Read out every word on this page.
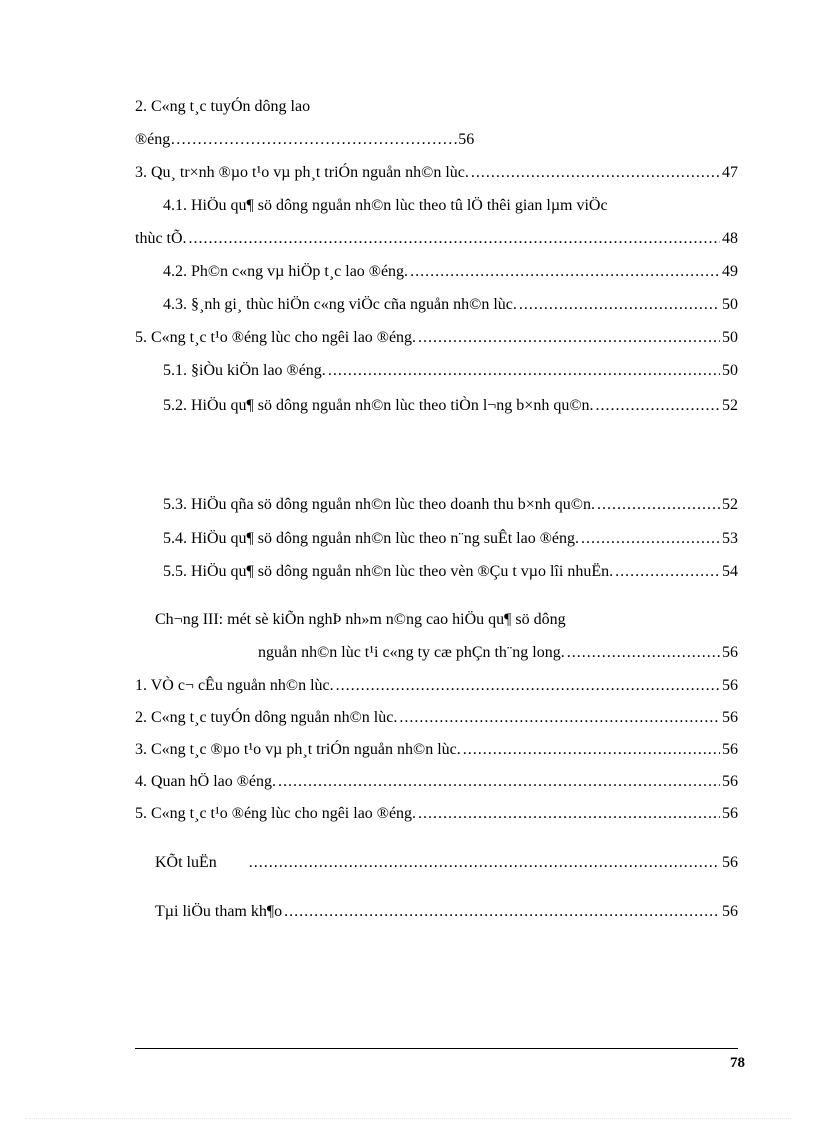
2. C«ng t¸c tuyÓn dông lao
®éng………………………………………………56
3. Qu¸ tr×nh ®µo t¹o vµ ph¸t triÓn nguån nh©n lùc. .....	47
4.1. HiÖu qu¶ sö dông nguån nh©n lùc theo tû lÖ thêi gian lµm viÖc
thùc tÕ. .....	48
4.2. Ph©n c«ng vµ hiÖp t¸c lao ®éng. .....	49
4.3. §¸nh gi¸ thùc hiÖn c«ng viÖc cña nguån nh©n lùc. .....	50
5. C«ng t¸c t¹o ®éng lùc cho ngêi lao ®éng. .....	50
5.1. §iÒu kiÖn lao ®éng. .....	50
5.2. HiÖu qu¶ sö dông nguån nh©n lùc theo tiÒn l¬ng b×nh qu©n. .....	52
5.3. HiÖu qña sö dông nguån nh©n lùc theo doanh thu b×nh qu©n. .....	52
5.4. HiÖu qu¶ sö dông nguån nh©n lùc theo n¨ng suÊt lao ®éng. .....	53
5.5. HiÖu qu¶ sö dông nguån nh©n lùc theo vèn ®Çu t vµo lîi nhuËn. .....	54
Ch¬ng III: mét sè kiÕn nghÞ nh»m n©ng cao hiÖu qu¶ sö dông
nguån nh©n lùc t¹i c«ng ty cæ phÇn th¨ng long. .....	56
1. VÒ c¬ cÊu nguån nh©n lùc. .....	56
2. C«ng t¸c tuyÓn dông nguån nh©n lùc. .....	56
3. C«ng t¸c ®µo t¹o vµ ph¸t triÓn nguån nh©n lùc. .....	56
4. Quan hÖ lao ®éng. .....	56
5. C«ng t¸c t¹o ®éng lùc cho ngêi lao ®éng. .....	56
KÕt luËn .....	56
Tµi liÖu tham kh¶o .....	56
78
